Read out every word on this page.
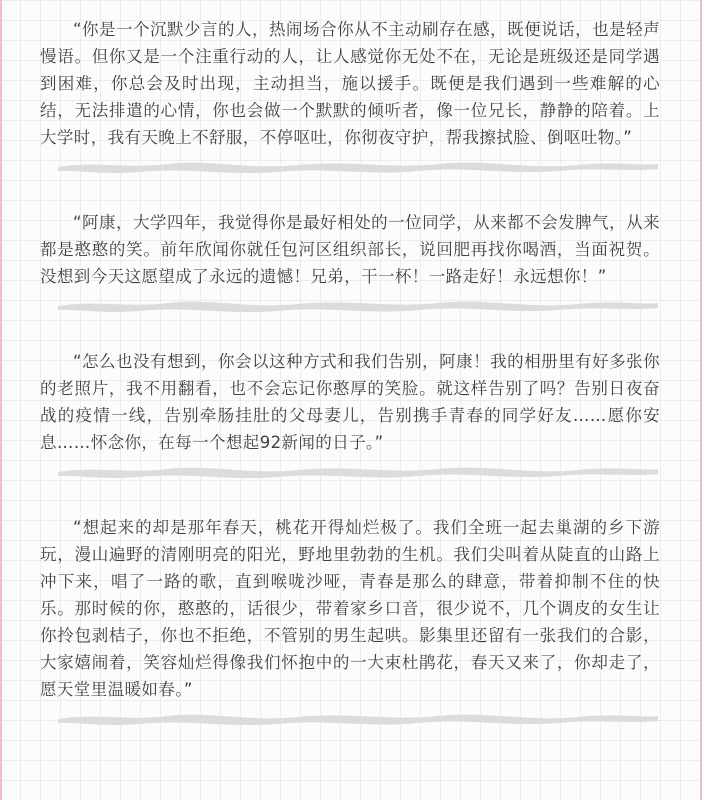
“你是一个沉默少言的人，热闹场合你从不主动刷存在感，既便说话，也是轻声慢语。但你又是一个注重行动的人，让人感觉你无处不在，无论是班级还是同学遇到困难，你总会及时出现，主动担当，施以援手。既便是我们遇到一些难解的心结，无法排遣的心情，你也会做一个默默的倾听者，像一位兄长，静静的陪着。上大学时，我有天晚上不舒服，不停呕吐，你彻夜守护，帮我擦拭脸、倒呕吐物。”

“阿康，大学四年，我觉得你是最好相处的一位同学，从来都不会发脾气，从来都是憨憨的笑。前年欣闻你就任包河区组织部长，说回肥再找你喝酒，当面祝贺。没想到今天这愿望成了永远的遗憾！兄弟，干一杯！一路走好！永远想你！”

“怎么也没有想到，你会以这种方式和我们告别，阿康！我的相册里有好多张你的老照片，我不用翻看，也不会忘记你憨厚的笑脸。就这样告别了吗？告别日夜奋战的疫情一线，告别牵肠挂肚的父母妻儿，告别携手青春的同学好友……愿你安息……怀念你，在每一个想起92新闻的日子。”

“想起来的却是那年春天，桃花开得灿烂极了。我们全班一起去巢湖的乡下游玩，漫山遍野的清刚明亮的阳光，野地里勃勃的生机。我们尖叫着从陡直的山路上冲下来，唱了一路的歌，直到喉咙沙哑，青春是那么的肆意，带着抑制不住的快乐。那时候的你，憨憨的，话很少，带着家乡口音，很少说不，几个调皮的女生让你拎包剥桔子，你也不拒绝，不管别的男生起哄。影集里还留有一张我们的合影，大家嬉闹着，笑容灿烂得像我们怀抱中的一大束杜鹃花，春天又来了，你却走了，愿天堂里温暖如春。”
